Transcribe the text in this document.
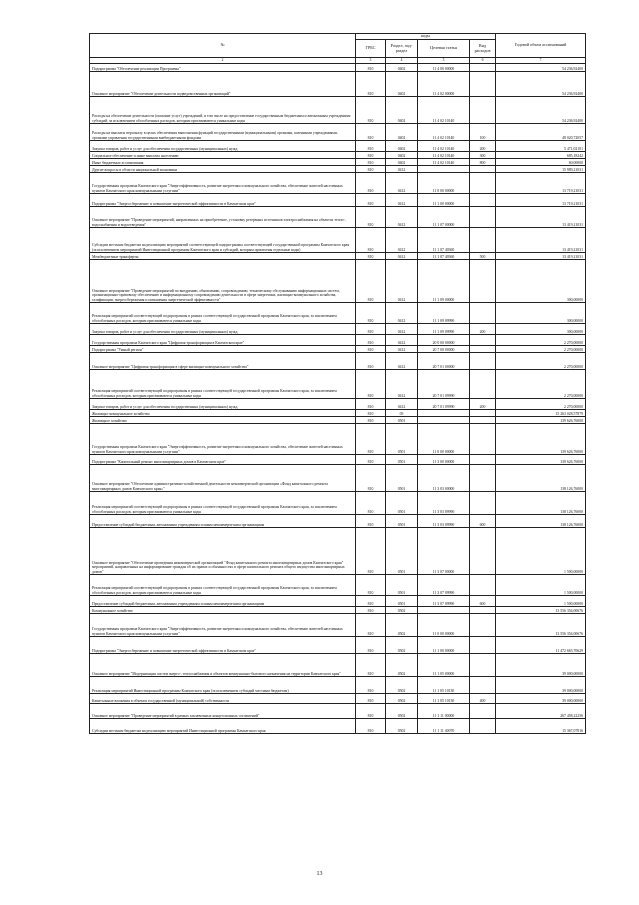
№	коды				Годовой объем ассигнований
	ГРБС	Раздел, под-раздел	Целевая статья	Вид расходов	
2	3	4	5	6	7
Подпрограмма "Обеспечение реализации Программы"	810	0402	11 4 00 00000		54 236,92400
Основное мероприятие "Обеспечение деятельности подведомственных организаций"	810	0402	11 4 02 00000		54 236,92400
Расходы на обеспечение деятельности (оказание услуг) учреждений, в том числе на предоставление государственным бюджетным и автономным учреждениям субсидий, за исключением обособленных расходов, которым присваиваются уникальные коды	810	0402	11 4 02 10140		54 236,92400
Расходы на выплаты персоналу в целях обеспечения выполнения функций государственными (муниципальными) органами, казенными учреждениями, органами управления государственными внебюджетными фондами	810	0402	11 4 02 10140	100	48 020,72057
Закупка товаров, работ и услуг для обеспечения государственных (муниципальных) нужд	810	0402	11 4 02 10140	200	5 471,02101
Социальное обеспечение и иные выплаты населению	810	0402	11 4 02 10140	300	685,18242
Иные бюджетные ассигнования	810	0402	11 4 02 10140	800	60,00000
Другие вопросы в области национальной экономики	810	0412			15 989,21031
Государственная программа Камчатского края "Энергоэффективность, развитие энергетики и коммунального хозяйства, обеспечение жителей населенных пунктов Камчатского края коммунальными услугами"	810	0412	11 0 00 00000		13 719,21031
Подпрограмма "Энергосбережение и повышение энергетической эффективности в Камчатском крае"	810	0412	11 1 00 00000		13 719,21031
Основное мероприятие "Проведение мероприятий, направленных на приобретение, установку резервных источников электроснабжения на объектах тепло-, водоснабжения и водоотведения"	810	0412	11 1 07 00000		13 419,21031
Субсидии местным бюджетам на реализацию мероприятий соответствующей подпрограммы соответствующей государственной программы Камчатского края (за исключением мероприятий Инвестиционной программы Камчатского края и субсидий, которым присвоены отдельные коды)	810	0412	11 1 07 40360		13 419,21031
Межбюджетные трансферты	810	0412	11 1 07 40360	500	13 419,21031
Основное мероприятие "Проведение мероприятий по внедрению, обновлению, сопровождению, техническому обслуживанию информационных систем, организационно-правовому обеспечению и информационному сопровождению деятельности в сфере энергетики, жилищно-коммунального хозяйства, газификации, энергосбережения и повышения энергетической эффективности"	810	0412	11 1 09 00000		300,00000
Реализация мероприятий соответствующей подпрограммы в рамках соответствующей государственной программы Камчатского края, за исключением обособленных расходов, которым присваиваются уникальные коды	810	0412	11 1 09 09990		300,00000
Закупка товаров, работ и услуг для обеспечения государственных (муниципальных) нужд	810	0412	11 1 09 09990	200	300,00000
Государственная программа Камчатского края "Цифровая трансформация в Камчатском крае"	810	0412	20 0 00 00000		2 270,00000
Подпрограмма "Умный регион"	810	0412	20 7 00 00000		2 270,00000
Основное мероприятие "Цифровая трансформация в сфере жилищно-коммунального хозяйства"	810	0412	20 7 01 00000		2 270,00000
Реализация мероприятий соответствующей подпрограммы в рамках соответствующей государственной программы Камчатского края, за исключением обособленных расходов, которым присваиваются уникальные коды	810	0412	20 7 01 09990		2 270,00000
Закупка товаров, работ и услуг для обеспечения государственных (муниципальных) нужд	810	0412	20 7 01 09990	200	2 270,00000
Жилищно-коммунальное хозяйство	810	05			15 263 028,57879
Жилищное хозяйство	810	0501			139 626,76000
Государственная программа Камчатского края "Энергоэффективность, развитие энергетики и коммунального хозяйства, обеспечение жителей населенных пунктов Камчатского края коммунальными услугами"	810	0501	11 0 00 00000		139 626,76000
Подпрограмма "Капитальный ремонт многоквартирных домов в Камчатском крае"	810	0501	11 3 00 00000		139 626,76000
Основное мероприятие "Обеспечение административно-хозяйственной деятельности некоммерческой организации «Фонд капитального ремонта многоквартирных домов Камчатского края»"	810	0501	11 3 03 00000		138 126,76000
Реализация мероприятий соответствующей подпрограммы в рамках соответствующей государственной программы Камчатского края, за исключением обособленных расходов, которым присваиваются уникальные коды	810	0501	11 3 03 09990		138 126,76000
Предоставление субсидий бюджетным, автономным учреждениям и иным некоммерческим организациям	810	0501	11 3 03 09990	600	138 126,76000
Основное мероприятие "Обеспечение проведения некоммерческой организацией "Фонд капитального ремонта многоквартирных домов Камчатского края" мероприятий, направленных на информирование граждан об их правах и обязанностях в сфере капитального ремонта общего имущества многоквартирных домов"	810	0501	11 3 07 00000		1 500,00000
Реализация мероприятий соответствующей подпрограммы в рамках соответствующей государственной программы Камчатского края, за исключением обособленных расходов, которым присваиваются уникальные коды	810	0501	11 3 07 09990		1 500,00000
Предоставление субсидий бюджетным, автономным учреждениям и иным некоммерческим организациям	810	0501	11 3 07 09990	600	1 500,00000
Коммунальное хозяйство	810	0502			13 556 354,00676
Государственная программа Камчатского края "Энергоэффективность, развитие энергетики и коммунального хозяйства, обеспечение жителей населенных пунктов Камчатского края коммунальными услугами"	810	0502	11 0 00 00000		13 556 354,00676
Подпрограмма "Энергосбережение и повышение энергетической эффективности в Камчатском крае"	810	0502	11 1 00 00000		11 472 665,70629
Основное мероприятие "Модернизация систем энерго-, теплоснабжения и объектов коммунально-бытового назначения на территории Камчатского края"	810	0502	11 1 05 00000		39 000,00000
Реализация мероприятий Инвестиционной программы Камчатского края (за исключением субсидий местным бюджетам)	810	0502	11 1 05 10130		39 000,00000
Капитальные вложения в объекты государственной (муниципальной) собственности	810	0502	11 1 05 10130	400	39 000,00000
Основное мероприятие "Проведение мероприятий в рамках заключенных концессионных соглашений"	810	0502	11 1 11 00000		267 458,22256
Субсидии местным бюджетам на реализацию мероприятий Инвестиционной программы Камчатского края	810	0502	11 1 11 40070		15 367,07816
13
